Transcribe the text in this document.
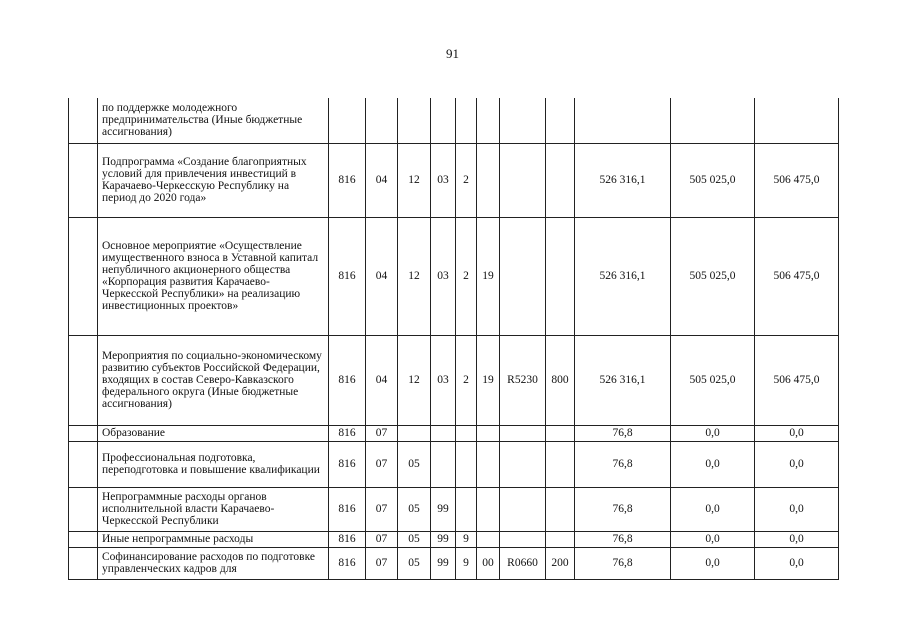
91
	по поддержке молодежного предпринимательства (Иные бюджетные ассигнования)											
	Подпрограмма «Создание благоприятных условий для привлечения инвестиций в Карачаево-Черкесскую Республику на период до 2020 года»	816	04	12	03	2				526 316,1	505 025,0	506 475,0
	Основное мероприятие «Осуществление имущественного взноса в Уставной капитал непубличного акционерного общества «Корпорация развития Карачаево-Черкесской Республики» на реализацию инвестиционных проектов»	816	04	12	03	2	19			526 316,1	505 025,0	506 475,0
	Мероприятия по социально-экономическому развитию субъектов Российской Федерации, входящих в состав Северо-Кавказского федерального округа (Иные бюджетные ассигнования)	816	04	12	03	2	19	R5230	800	526 316,1	505 025,0	506 475,0
	Образование	816	07							76,8	0,0	0,0
	Профессиональная подготовка, переподготовка и повышение квалификации	816	07	05						76,8	0,0	0,0
	Непрограммные расходы органов исполнительной власти Карачаево-Черкесской Республики	816	07	05	99					76,8	0,0	0,0
	Иные непрограммные расходы	816	07	05	99	9				76,8	0,0	0,0
	Софинансирование расходов по подготовке управленческих кадров для	816	07	05	99	9	00	R0660	200	76,8	0,0	0,0
